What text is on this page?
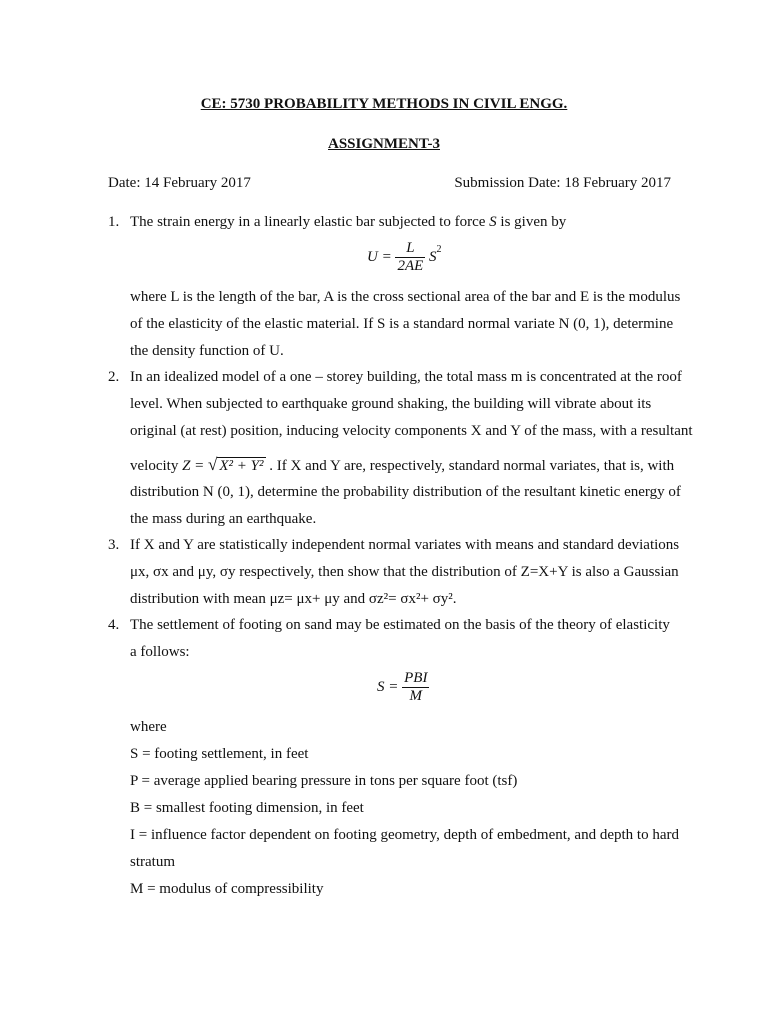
CE: 5730 PROBABILITY METHODS IN CIVIL ENGG.
ASSIGNMENT-3
Date: 14 February 2017	Submission Date: 18 February 2017
1. The strain energy in a linearly elastic bar subjected to force S is given by
$U = \frac{L}{2AE} S^2$
where L is the length of the bar, A is the cross sectional area of the bar and E is the modulus
of the elasticity of the elastic material. If S is a standard normal variate N (0, 1), determine
the density function of U.
2. In an idealized model of a one – storey building, the total mass m is concentrated at the roof
level. When subjected to earthquake ground shaking, the building will vibrate about its
original (at rest) position, inducing velocity components X and Y of the mass, with a resultant
velocity Z = √ X² + Y² . If X and Y are, respectively, standard normal variates, that is, with
distribution N (0, 1), determine the probability distribution of the resultant kinetic energy of
the mass during an earthquake.
3. If X and Y are statistically independent normal variates with means and standard deviations
μx, σx and μy, σy respectively, then show that the distribution of Z=X+Y is also a Gaussian
distribution with mean μz= μx+ μy and σz²= σx²+ σy².
4. The settlement of footing on sand may be estimated on the basis of the theory of elasticity
a follows:
$S = \frac{\text{PBI}}{M}$
where
S = footing settlement, in feet
P = average applied bearing pressure in tons per square foot (tsf)
B = smallest footing dimension, in feet
I = influence factor dependent on footing geometry, depth of embedment, and depth to hard
stratum
M = modulus of compressibility
